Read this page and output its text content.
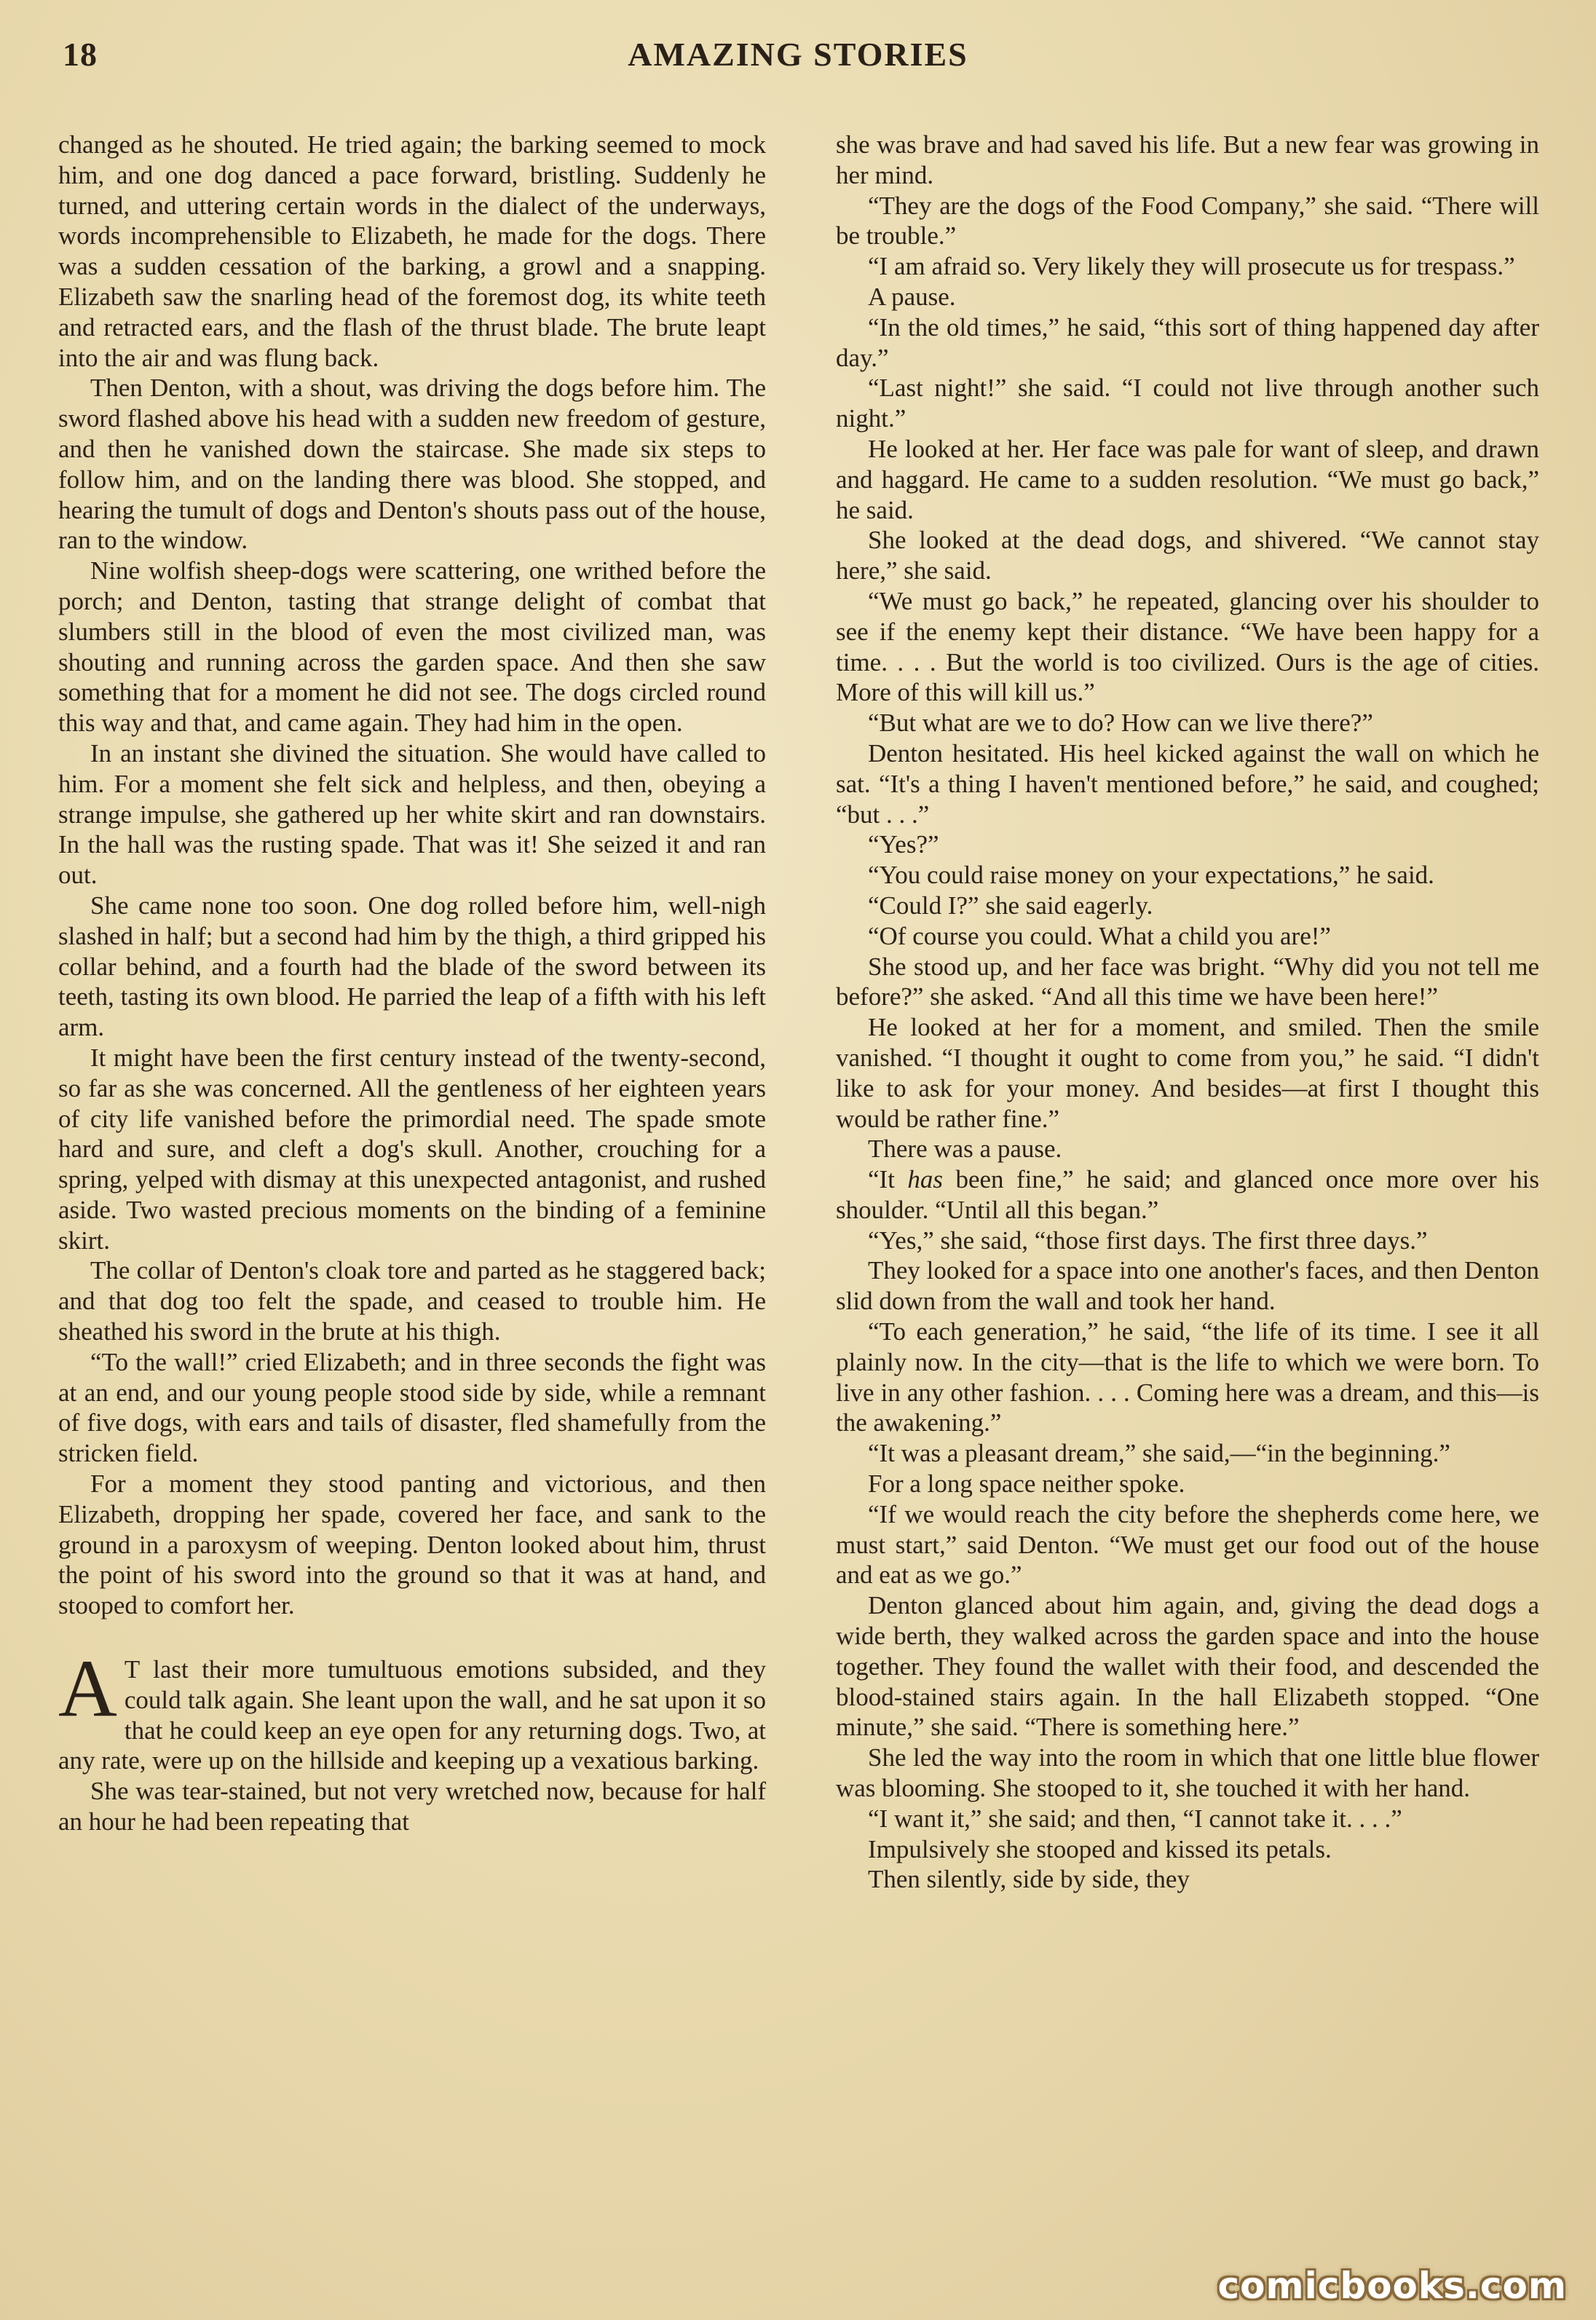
18	AMAZING STORIES

changed as he shouted. He tried again; the barking seemed to mock him, and one dog danced a pace forward, bristling. Suddenly he turned, and uttering certain words in the dialect of the underways, words incomprehensible to Elizabeth, he made for the dogs. There was a sudden cessation of the barking, a growl and a snapping. Elizabeth saw the snarling head of the foremost dog, its white teeth and retracted ears, and the flash of the thrust blade. The brute leapt into the air and was flung back.

Then Denton, with a shout, was driving the dogs before him. The sword flashed above his head with a sudden new freedom of gesture, and then he vanished down the staircase. She made six steps to follow him, and on the landing there was blood. She stopped, and hearing the tumult of dogs and Denton's shouts pass out of the house, ran to the window.

Nine wolfish sheep-dogs were scattering, one writhed before the porch; and Denton, tasting that strange delight of combat that slumbers still in the blood of even the most civilized man, was shouting and running across the garden space. And then she saw something that for a moment he did not see. The dogs circled round this way and that, and came again. They had him in the open.

In an instant she divined the situation. She would have called to him. For a moment she felt sick and helpless, and then, obeying a strange impulse, she gathered up her white skirt and ran downstairs. In the hall was the rusting spade. That was it! She seized it and ran out.

She came none too soon. One dog rolled before him, well-nigh slashed in half; but a second had him by the thigh, a third gripped his collar behind, and a fourth had the blade of the sword between its teeth, tasting its own blood. He parried the leap of a fifth with his left arm.

It might have been the first century instead of the twenty-second, so far as she was concerned. All the gentleness of her eighteen years of city life vanished before the primordial need. The spade smote hard and sure, and cleft a dog's skull. Another, crouching for a spring, yelped with dismay at this unexpected antagonist, and rushed aside. Two wasted precious moments on the binding of a feminine skirt.

The collar of Denton's cloak tore and parted as he staggered back; and that dog too felt the spade, and ceased to trouble him. He sheathed his sword in the brute at his thigh.

“To the wall!” cried Elizabeth; and in three seconds the fight was at an end, and our young people stood side by side, while a remnant of five dogs, with ears and tails of disaster, fled shamefully from the stricken field.

For a moment they stood panting and victorious, and then Elizabeth, dropping her spade, covered her face, and sank to the ground in a paroxysm of weeping. Denton looked about him, thrust the point of his sword into the ground so that it was at hand, and stooped to comfort her.

A T last their more tumultuous emotions subsided, and they could talk again. She leant upon the wall, and he sat upon it so that he could keep an eye open for any returning dogs. Two, at any rate, were up on the hillside and keeping up a vexatious barking.

She was tear-stained, but not very wretched now, because for half an hour he had been repeating that

she was brave and had saved his life. But a new fear was growing in her mind.

“They are the dogs of the Food Company,” she said. “There will be trouble.”

“I am afraid so. Very likely they will prosecute us for trespass.”

A pause.

“In the old times,” he said, “this sort of thing happened day after day.”

“Last night!” she said. “I could not live through another such night.”

He looked at her. Her face was pale for want of sleep, and drawn and haggard. He came to a sudden resolution. “We must go back,” he said.

She looked at the dead dogs, and shivered. “We cannot stay here,” she said.

“We must go back,” he repeated, glancing over his shoulder to see if the enemy kept their distance. “We have been happy for a time. . . . But the world is too civilized. Ours is the age of cities. More of this will kill us.”

“But what are we to do? How can we live there?”

Denton hesitated. His heel kicked against the wall on which he sat. “It's a thing I haven't mentioned before,” he said, and coughed; “but . . .”

“Yes?”

“You could raise money on your expectations,” he said.

“Could I?” she said eagerly.

“Of course you could. What a child you are!”

She stood up, and her face was bright. “Why did you not tell me before?” she asked. “And all this time we have been here!”

He looked at her for a moment, and smiled. Then the smile vanished. “I thought it ought to come from you,” he said. “I didn't like to ask for your money. And besides—at first I thought this would be rather fine.”

There was a pause.

“It has been fine,” he said; and glanced once more over his shoulder. “Until all this began.”

“Yes,” she said, “those first days. The first three days.”

They looked for a space into one another's faces, and then Denton slid down from the wall and took her hand.

“To each generation,” he said, “the life of its time. I see it all plainly now. In the city—that is the life to which we were born. To live in any other fashion. . . . Coming here was a dream, and this—is the awakening.”

“It was a pleasant dream,” she said,—“in the beginning.”

For a long space neither spoke.

“If we would reach the city before the shepherds come here, we must start,” said Denton. “We must get our food out of the house and eat as we go.”

Denton glanced about him again, and, giving the dead dogs a wide berth, they walked across the garden space and into the house together. They found the wallet with their food, and descended the blood-stained stairs again. In the hall Elizabeth stopped. “One minute,” she said. “There is something here.”

She led the way into the room in which that one little blue flower was blooming. She stooped to it, she touched it with her hand.

“I want it,” she said; and then, “I cannot take it. . . .”

Impulsively she stooped and kissed its petals.

Then silently, side by side, they

comicbooks.com
